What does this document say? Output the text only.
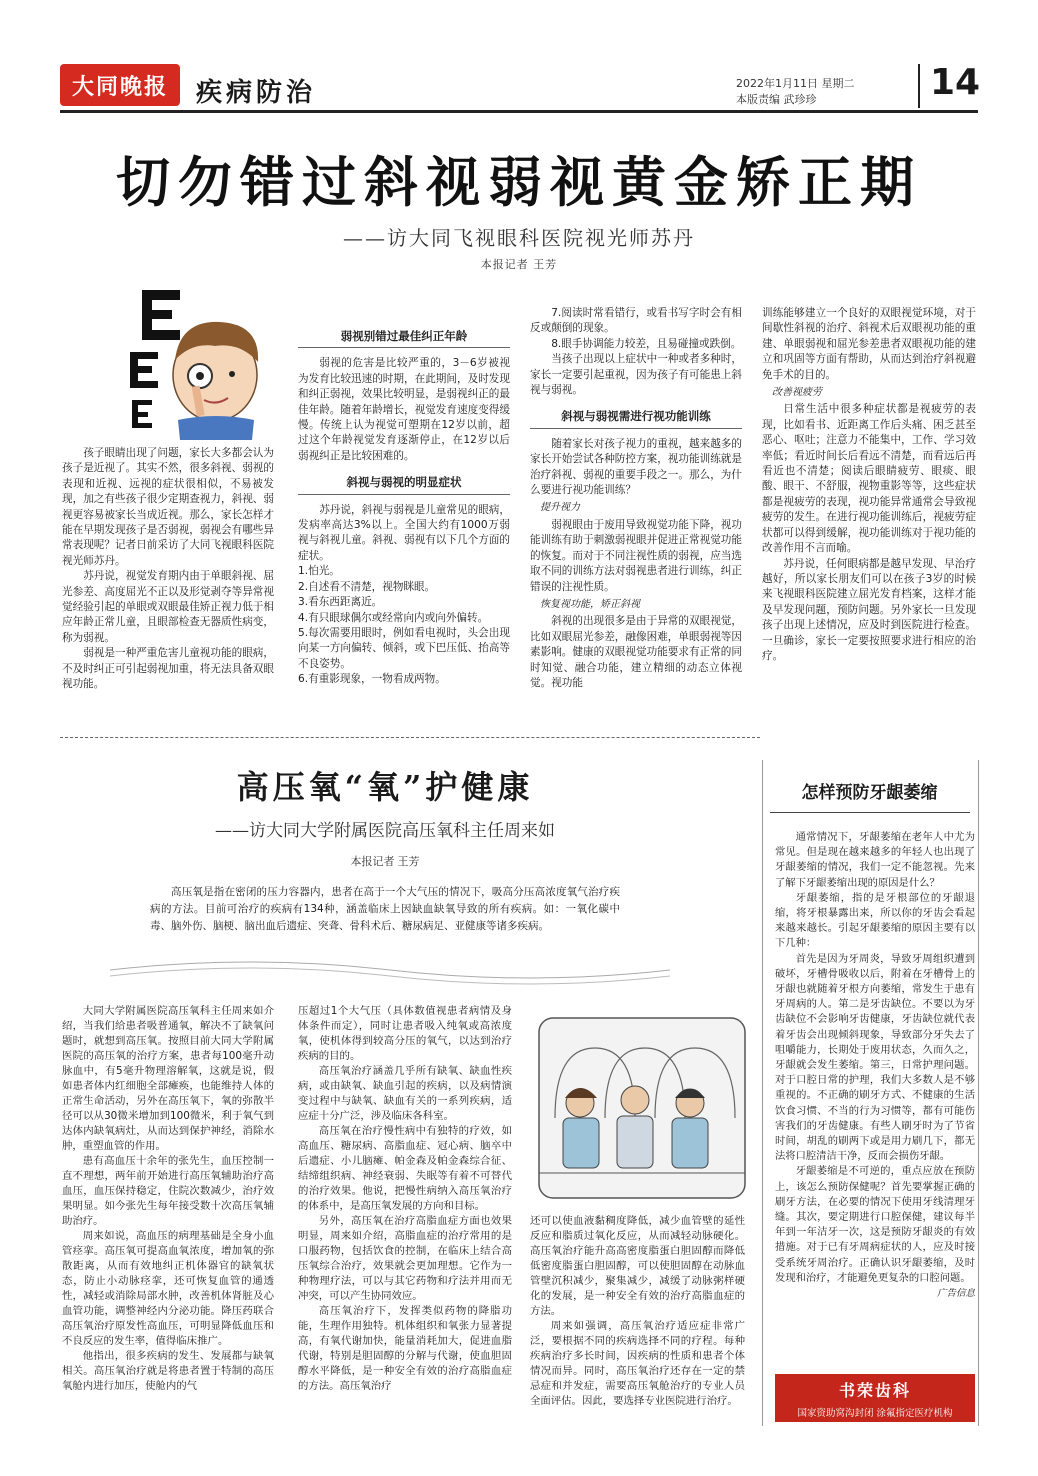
大同晚报	疾病防治	2022年1月11日 星期二
本版责编 武珍珍	14
切勿错过斜视弱视黄金矫正期
——访大同飞视眼科医院视光师苏丹
本报记者 王芳

孩子眼睛出现了问题，家长大多都会认为孩子是近视了。其实不然，很多斜视、弱视的表现和近视、远视的症状很相似，不易被发现，加之有些孩子很少定期查视力，斜视、弱视更容易被家长当成近视。那么，家长怎样才能在早期发现孩子是否弱视，弱视会有哪些异常表现呢？记者日前采访了大同飞视眼科医院视光师苏丹。

苏丹说，视觉发育期内由于单眼斜视、屈光参差、高度屈光不正以及形觉剥夺等异常视觉经验引起的单眼或双眼最佳矫正视力低于相应年龄正常儿童，且眼部检查无器质性病变，称为弱视。

弱视是一种严重危害儿童视功能的眼病，不及时纠正可引起弱视加重，将无法具备双眼视功能。

弱视别错过最佳纠正年龄

弱视的危害是比较严重的，3－6岁被视为发育比较迅速的时期，在此期间，及时发现和纠正弱视，效果比较明显，是弱视纠正的最佳年龄。随着年龄增长，视觉发育速度变得缓慢。传统上认为视觉可塑期在12岁以前，超过这个年龄视觉发育逐渐停止，在12岁以后弱视纠正是比较困难的。

斜视与弱视的明显症状

苏丹说，斜视与弱视是儿童常见的眼病，发病率高达3%以上。全国大约有1000万弱视与斜视儿童。斜视、弱视有以下几个方面的症状。

1.怕光。

2.自述看不清楚，视物眯眼。

3.看东西距离近。

4.有只眼球偶尔或经常向内或向外偏转。

5.每次需要用眼时，例如看电视时，头会出现向某一方向偏转、倾斜，或下巴压低、抬高等不良姿势。

6.有重影现象，一物看成两物。

7.阅读时常看错行，或看书写字时会有相反或颠倒的现象。

8.眼手协调能力较差，且易碰撞或跌倒。

当孩子出现以上症状中一种或者多种时，家长一定要引起重视，因为孩子有可能患上斜视与弱视。

斜视与弱视需进行视功能训练

随着家长对孩子视力的重视，越来越多的家长开始尝试各种防控方案，视功能训练就是治疗斜视、弱视的重要手段之一。那么，为什么要进行视功能训练？

提升视力

弱视眼由于废用导致视觉功能下降，视功能训练有助于刺激弱视眼并促进正常视觉功能的恢复。而对于不同注视性质的弱视，应当选取不同的训练方法对弱视患者进行训练，纠正错误的注视性质。

恢复视功能，矫正斜视

斜视的出现很多是由于异常的双眼视觉，比如双眼屈光参差，融像困难，单眼弱视等因素影响。健康的双眼视觉功能要求有正常的同时知觉、融合功能，建立精细的动态立体视觉。视功能

训练能够建立一个良好的双眼视觉环境，对于间歇性斜视的治疗、斜视术后双眼视功能的重建、单眼弱视和屈光参差患者双眼视功能的建立和巩固等方面有帮助，从而达到治疗斜视避免手术的目的。

改善视疲劳

日常生活中很多种症状都是视疲劳的表现，比如看书、近距离工作后头痛、困乏甚至恶心、呕吐；注意力不能集中，工作、学习效率低；看近时间长后看远不清楚，而看远后再看近也不清楚；阅读后眼睛疲劳、眼痰、眼酸、眼干、不舒服，视物重影等等，这些症状都是视疲劳的表现，视功能异常通常会导致视疲劳的发生。在进行视功能训练后，视疲劳症状都可以得到缓解，视功能训练对于视功能的改善作用不言而喻。

苏丹说，任何眼病都是越早发现、早治疗越好，所以家长朋友们可以在孩子3岁的时候来飞视眼科医院建立屈光发育档案，这样才能及早发现问题，预防问题。另外家长一旦发现孩子出现上述情况，应及时到医院进行检查。一旦确诊，家长一定要按照要求进行相应的治疗。

高压氧“氧”护健康
——访大同大学附属医院高压氧科主任周来如
本报记者 王芳

高压氧是指在密闭的压力容器内，患者在高于一个大气压的情况下，吸高分压高浓度氧气治疗疾病的方法。目前可治疗的疾病有134种，涵盖临床上因缺血缺氧导致的所有疾病。如：一氧化碳中毒、脑外伤、脑梗、脑出血后遗症、突聋、骨科术后、糖尿病足、亚健康等诸多疾病。

大同大学附属医院高压氧科主任周来如介绍，当我们给患者吸普通氧，解决不了缺氧问题时，就想到高压氧。按照目前大同大学附属医院的高压氧的治疗方案，患者每100毫升动脉血中，有5毫升物理溶解氧，这就是说，假如患者体内红细胞全部瘫痪，也能维持人体的正常生命活动，另外在高压氧下，氧的弥散半径可以从30微米增加到100微米，利于氧气到达体内缺氧病灶，从而达到保护神经，消除水肿，重塑血管的作用。

患有高血压十余年的张先生，血压控制一直不理想，两年前开始进行高压氧辅助治疗高血压，血压保持稳定，住院次数减少，治疗效果明显。如今张先生每年接受数十次高压氧辅助治疗。

周来如说，高血压的病理基础是全身小血管痉挛。高压氧可提高血氧浓度，增加氧的弥散距离，从而有效地纠正机体器官的缺氧状态，防止小动脉痉挛，还可恢复血管的通透性，减轻或消除局部水肿，改善机体肾脏及心血管功能，调整神经内分泌功能。降压药联合高压氧治疗原发性高血压，可明显降低血压和不良反应的发生率，值得临床推广。

他指出，很多疾病的发生、发展都与缺氧相关。高压氧治疗就是将患者置于特制的高压氧舱内进行加压，使舱内的气

压超过1个大气压（具体数值视患者病情及身体条件而定），同时让患者吸入纯氧或高浓度氧，使机体得到较高分压的氧气，以达到治疗疾病的目的。

高压氧治疗涵盖几乎所有缺氧、缺血性疾病，或由缺氧、缺血引起的疾病，以及病情演变过程中与缺氧、缺血有关的一系列疾病，适应症十分广泛，涉及临床各科室。

高压氧在治疗慢性病中有独特的疗效，如高血压、糖尿病、高脂血症、冠心病、脑卒中后遗症、小儿脑瘫、帕金森及帕金森综合征、结缔组织病、神经衰弱、失眠等有着不可替代的治疗效果。他说，把慢性病纳入高压氧治疗的体系中，是高压氧发展的方向和目标。

另外，高压氧在治疗高脂血症方面也效果明显，周来如介绍，高脂血症的治疗常用的是口服药物，包括饮食的控制，在临床上结合高压氧综合治疗，效果就会更加理想。它作为一种物理疗法，可以与其它药物和疗法并用而无冲突，可以产生协同效应。

高压氧治疗下，发挥类似药物的降脂功能，生理作用独特。机体组织和氧张力显著提高，有氧代谢加快，能量消耗加大，促进血脂代谢，特别是胆固醇的分解与代谢，使血胆固醇水平降低，是一种安全有效的治疗高脂血症的方法。高压氧治疗

还可以使血液黏稠度降低，减少血管壁的延性反应和脂质过氧化反应，从而减轻动脉硬化。高压氧治疗能升高高密度脂蛋白胆固醇而降低低密度脂蛋白胆固醇，可以使胆固醇在动脉血管壁沉积减少，聚集减少，减缓了动脉粥样硬化的发展，是一种安全有效的治疗高脂血症的方法。

周来如强调，高压氧治疗适应症非常广泛，要根据不同的疾病选择不同的疗程。每种疾病治疗多长时间，因疾病的性质和患者个体情况而异。同时，高压氧治疗还存在一定的禁忌症和并发症，需要高压氧舱治疗的专业人员全面评估。因此，要选择专业医院进行治疗。

怎样预防牙龈萎缩

通常情况下，牙龈萎缩在老年人中尤为常见。但是现在越来越多的年轻人也出现了牙龈萎缩的情况，我们一定不能忽视。先来了解下牙龈萎缩出现的原因是什么？

牙龈萎缩，指的是牙根部位的牙龈退缩，将牙根暴露出来，所以你的牙齿会看起来越来越长。引起牙龈萎缩的原因主要有以下几种：

首先是因为牙周炎，导致牙周组织遭到破坏，牙槽骨吸收以后，附着在牙槽骨上的牙龈也就随着牙根方向萎缩，常发生于患有牙周病的人。第二是牙齿缺位。不要以为牙齿缺位不会影响牙齿健康，牙齿缺位就代表着牙齿会出现倾斜现象，导致部分牙失去了咀嚼能力，长期处于废用状态，久而久之，牙龈就会发生萎缩。第三，日常护理问题。对于口腔日常的护理，我们大多数人是不够重视的。不正确的刷牙方式、不健康的生活饮食习惯、不当的行为习惯等，都有可能伤害我们的牙齿健康。有些人刷牙时为了节省时间，胡乱的刷两下或是用力刷几下，都无法将口腔清洁干净，反而会损伤牙龈。

牙龈萎缩是不可逆的，重点应放在预防上，该怎么预防保健呢？首先要掌握正确的刷牙方法，在必要的情况下使用牙线清理牙缝。其次，要定期进行口腔保健，建议每半年到一年洁牙一次，这是预防牙龈炎的有效措施。对于已有牙周病症状的人，应及时接受系统牙周治疗。正确认识牙龈萎缩，及时发现和治疗，才能避免更复杂的口腔问题。

广告信息

书荣齿科
国家资助窝沟封闭 涂氟指定医疗机构
